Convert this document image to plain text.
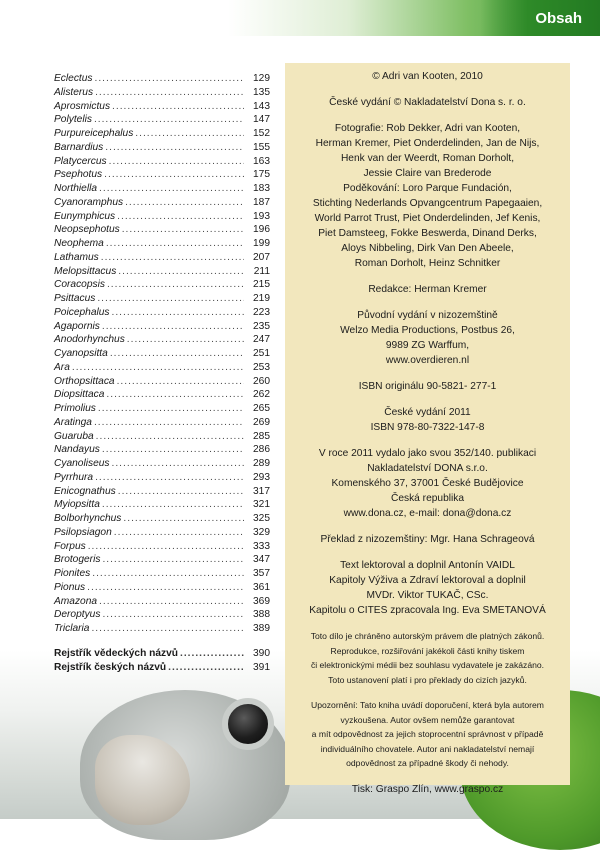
Obsah
Eclectus .....	129
Alisterus .....	135
Aprosmictus .....	143
Polytelis .....	147
Purpureicephalus .....	152
Barnardius .....	155
Platycercus .....	163
Psephotus .....	175
Northiella .....	183
Cyanoramphus .....	187
Eunymphicus .....	193
Neopsephotus .....	196
Neophema .....	199
Lathamus .....	207
Melopsittacus .....	211
Coracopsis .....	215
Psittacus .....	219
Poicephalus .....	223
Agapornis .....	235
Anodorhynchus .....	247
Cyanopsitta .....	251
Ara .....	253
Orthopsittaca .....	260
Diopsittaca .....	262
Primolius .....	265
Aratinga .....	269
Guaruba .....	285
Nandayus .....	286
Cyanoliseus .....	289
Pyrrhura .....	293
Enicognathus .....	317
Myiopsitta .....	321
Bolborhynchus .....	325
Psilopsiagon .....	329
Forpus .....	333
Brotogeris .....	347
Pionites .....	357
Pionus .....	361
Amazona .....	369
Deroptyus .....	388
Triclaria .....	389
Rejstřík vědeckých názvů .....	390
Rejstřík českých názvů .....	391

© Adri van Kooten, 2010

České vydání © Nakladatelství Dona s. r. o.

Fotografie: Rob Dekker, Adri van Kooten,

Herman Kremer, Piet Onderdelinden, Jan de Nijs,

Henk van der Weerdt, Roman Dorholt,

Jessie Claire van Brederode

Poděkování: Loro Parque Fundación,

Stichting Nederlands Opvangcentrum Papegaaien,

World Parrot Trust, Piet Onderdelinden, Jef Kenis,

Piet Damsteeg, Fokke Beswerda, Dinand Derks,

Aloys Nibbeling, Dirk Van Den Abeele,

Roman Dorholt, Heinz Schnitker

Redakce: Herman Kremer

Původní vydání v nizozemštině

Welzo Media Productions, Postbus 26,

9989 ZG Warffum,

www.overdieren.nl

ISBN originálu 90-5821- 277-1

České vydání 2011

ISBN 978-80-7322-147-8

V roce 2011 vydalo jako svou 352/140. publikaci

Nakladatelství DONA s.r.o.

Komenského 37, 37001 České Budějovice

Česká republika

www.dona.cz, e-mail: dona@dona.cz

Překlad z nizozemštiny: Mgr. Hana Schrageová

Text lektoroval a doplnil Antonín VAIDL

Kapitoly Výživa a Zdraví lektoroval a doplnil

MVDr. Viktor TUKAČ, CSc.

Kapitolu o CITES zpracovala Ing. Eva SMETANOVÁ

Toto dílo je chráněno autorským právem dle platných zákonů.

Reprodukce, rozšiřování jakékoli části knihy tiskem

či elektronickými médii bez souhlasu vydavatele je zakázáno.

Toto ustanovení platí i pro překlady do cizích jazyků.

Upozornění: Tato kniha uvádí doporučení, která byla autorem

vyzkoušena. Autor ovšem nemůže garantovat

a mít odpovědnost za jejich stoprocentní správnost v případě

individuálního chovatele. Autor ani nakladatelství nemají

odpovědnost za případné škody či nehody.

Tisk: Graspo Zlín, www.graspo.cz
